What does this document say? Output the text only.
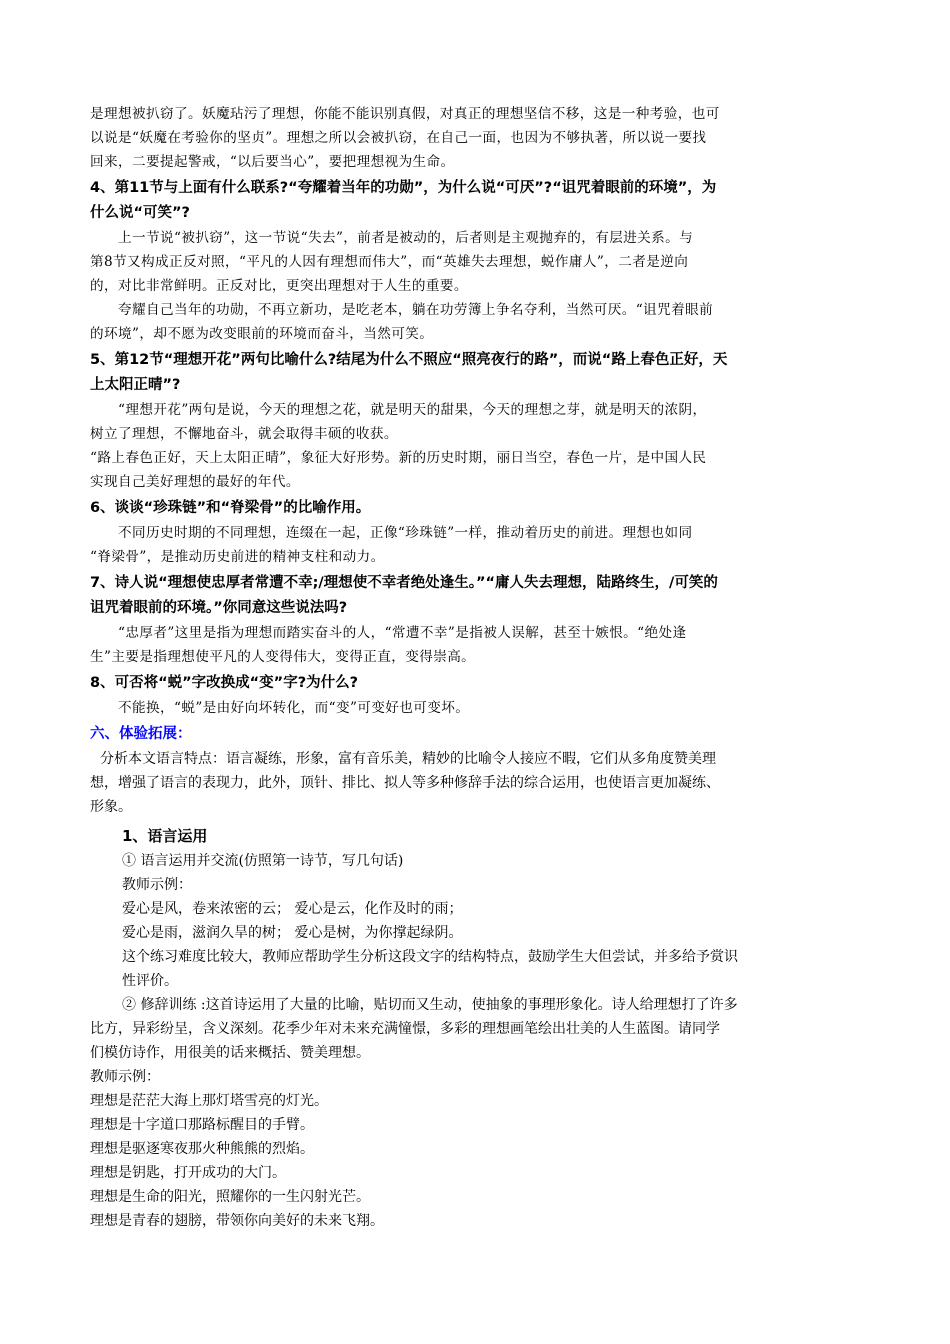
是理想被扒窃了。妖魔玷污了理想，你能不能识别真假，对真正的理想坚信不移，这是一种考验，也可
以说是“妖魔在考验你的坚贞”。理想之所以会被扒窃，在自己一面，也因为不够执著，所以说一要找
回来，二要提起警戒，“以后要当心”，要把理想视为生命。
4、第11节与上面有什么联系?“夸耀着当年的功勋”，为什么说“可厌”?“诅咒着眼前的环境”，为
什么说“可笑”?
上一节说“被扒窃”，这一节说“失去”，前者是被动的，后者则是主观抛弃的，有层进关系。与
第8节又构成正反对照，“平凡的人因有理想而伟大”，而“英雄失去理想，蜕作庸人”，二者是逆向
的，对比非常鲜明。正反对比，更突出理想对于人生的重要。
夸耀自己当年的功勋，不再立新功，是吃老本，躺在功劳簿上争名夺利，当然可厌。“诅咒着眼前
的环境”，却不愿为改变眼前的环境而奋斗，当然可笑。
5、第12节“理想开花”两句比喻什么?结尾为什么不照应“照亮夜行的路”，而说“路上春色正好，天
上太阳正晴”?
“理想开花”两句是说，今天的理想之花，就是明天的甜果，今天的理想之芽，就是明天的浓阴，
树立了理想，不懈地奋斗，就会取得丰硕的收获。
“路上春色正好，天上太阳正晴”，象征大好形势。新的历史时期，丽日当空，春色一片，是中国人民
实现自己美好理想的最好的年代。
6、谈谈“珍珠链”和“脊梁骨”的比喻作用。
不同历史时期的不同理想，连缀在一起，正像“珍珠链”一样，推动着历史的前进。理想也如同
“脊梁骨”，是推动历史前进的精神支柱和动力。
7、诗人说“理想使忠厚者常遭不幸;/理想使不幸者绝处逢生。”“庸人失去理想，陆路终生，/可笑的
诅咒着眼前的环境。”你同意这些说法吗?
“忠厚者”这里是指为理想而踏实奋斗的人，“常遭不幸”是指被人误解，甚至十嫉恨。“绝处逢
生”主要是指理想使平凡的人变得伟大，变得正直，变得崇高。
8、可否将“蜕”字改换成“变”字?为什么?
不能换，“蜕”是由好向坏转化，而“变”可变好也可变坏。
六、体验拓展：
分析本文语言特点：语言凝练，形象，富有音乐美，精妙的比喻令人接应不暇，它们从多角度赞美理
想，增强了语言的表现力，此外，顶针、排比、拟人等多种修辞手法的综合运用，也使语言更加凝练、
形象。
1、语言运用
① 语言运用并交流(仿照第一诗节，写几句话)
教师示例：
爱心是风，卷来浓密的云； 爱心是云，化作及时的雨；
爱心是雨，滋润久旱的树； 爱心是树，为你撑起绿阴。
这个练习难度比较大，教师应帮助学生分析这段文字的结构特点，鼓励学生大但尝试，并多给予赏识
性评价。
② 修辞训练 :这首诗运用了大量的比喻，贴切而又生动，使抽象的事理形象化。诗人给理想打了许多
比方，异彩纷呈，含义深刻。花季少年对未来充满憧憬，多彩的理想画笔绘出壮美的人生蓝图。请同学
们模仿诗作，用很美的话来概括、赞美理想。
教师示例：
理想是茫茫大海上那灯塔雪亮的灯光。
理想是十字道口那路标醒目的手臂。
理想是驱逐寒夜那火种熊熊的烈焰。
理想是钥匙，打开成功的大门。
理想是生命的阳光，照耀你的一生闪射光芒。
理想是青春的翅膀，带领你向美好的未来飞翔。
